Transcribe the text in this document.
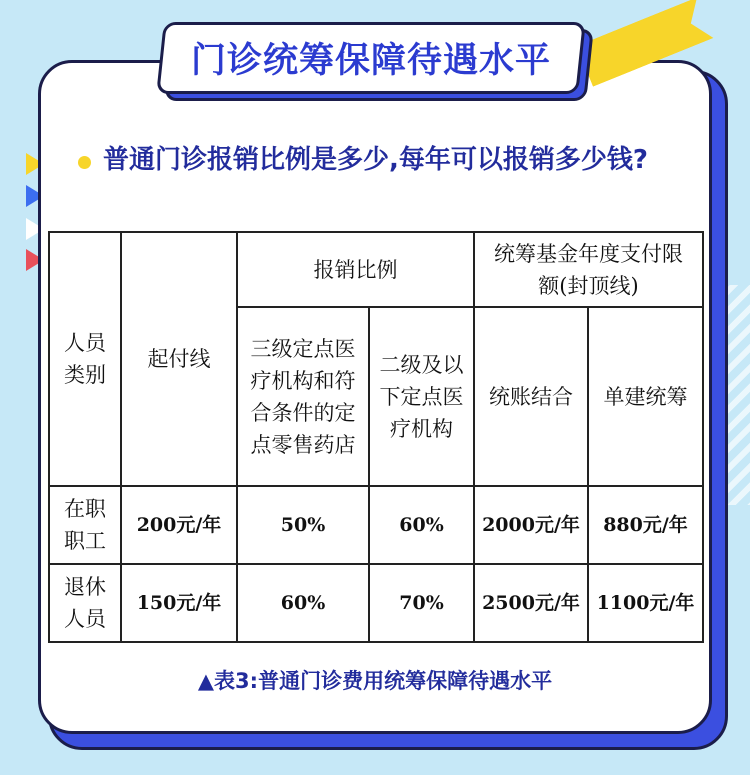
门诊统筹保障待遇水平
普通门诊报销比例是多少,每年可以报销多少钱?
人员类别	起付线	报销比例		统筹基金年度支付限额(封顶线)	

		三级定点医疗机构和符合条件的定点零售药店	二级及以下定点医疗机构	统账结合	单建统筹

在职职工	200元/年	50%	60%	2000元/年	880元/年

退休人员	150元/年	60%	70%	2500元/年	1100元/年
▲表3:普通门诊费用统筹保障待遇水平
